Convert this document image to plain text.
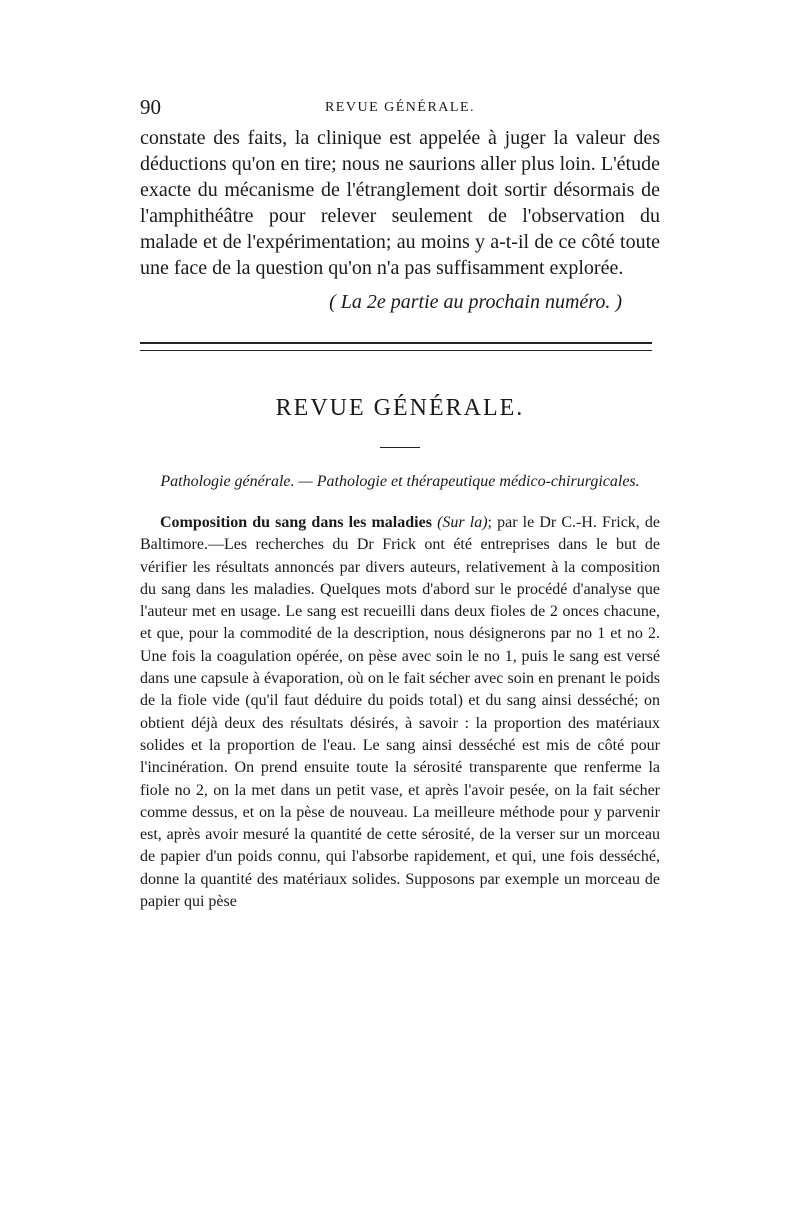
90	REVUE GÉNÉRALE.

constate des faits, la clinique est appelée à juger la valeur des déductions qu'on en tire; nous ne saurions aller plus loin. L'étude exacte du mécanisme de l'étranglement doit sortir désormais de l'amphithéâtre pour relever seulement de l'observation du malade et de l'expérimentation; au moins y a-t-il de ce côté toute une face de la question qu'on n'a pas suffisamment explorée.

( La 2e partie au prochain numéro. )
REVUE GÉNÉRALE.
Pathologie générale. — Pathologie et thérapeutique médico-chirurgicales.

Composition du sang dans les maladies (Sur la); par le Dr C.-H. Frick, de Baltimore.—Les recherches du Dr Frick ont été entreprises dans le but de vérifier les résultats annoncés par divers auteurs, relativement à la composition du sang dans les maladies. Quelques mots d'abord sur le procédé d'analyse que l'auteur met en usage. Le sang est recueilli dans deux fioles de 2 onces chacune, et que, pour la commodité de la description, nous désignerons par no 1 et no 2. Une fois la coagulation opérée, on pèse avec soin le no 1, puis le sang est versé dans une capsule à évaporation, où on le fait sécher avec soin en prenant le poids de la fiole vide (qu'il faut déduire du poids total) et du sang ainsi desséché; on obtient déjà deux des résultats désirés, à savoir : la proportion des matériaux solides et la proportion de l'eau. Le sang ainsi desséché est mis de côté pour l'incinération. On prend ensuite toute la sérosité transparente que renferme la fiole no 2, on la met dans un petit vase, et après l'avoir pesée, on la fait sécher comme dessus, et on la pèse de nouveau. La meilleure méthode pour y parvenir est, après avoir mesuré la quantité de cette sérosité, de la verser sur un morceau de papier d'un poids connu, qui l'absorbe rapidement, et qui, une fois desséché, donne la quantité des matériaux solides. Supposons par exemple un morceau de papier qui pèse
